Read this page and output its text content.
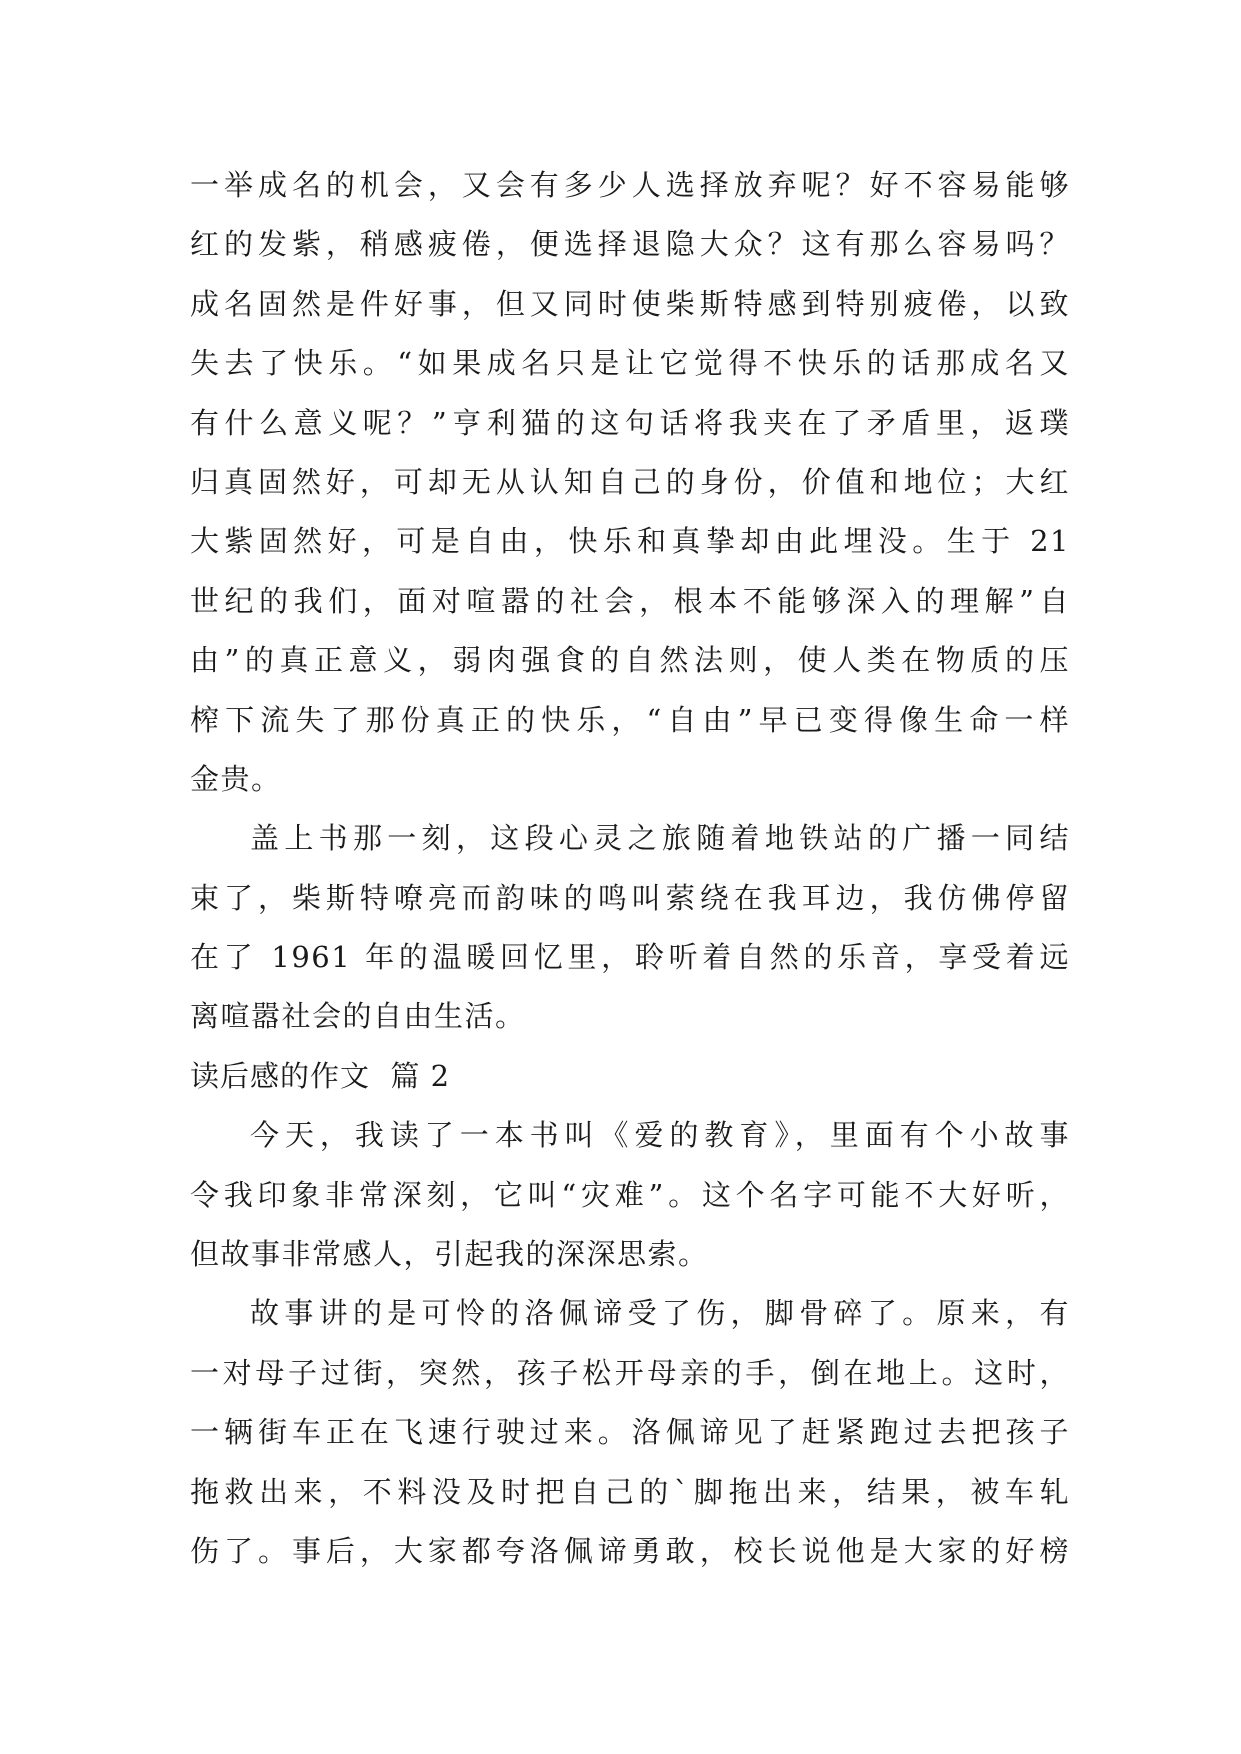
一举成名的机会，又会有多少人选择放弃呢？好不容易能够
红的发紫，稍感疲倦，便选择退隐大众？这有那么容易吗？
成名固然是件好事，但又同时使柴斯特感到特别疲倦，以致
失去了快乐。“如果成名只是让它觉得不快乐的话那成名又
有什么意义呢？”亨利猫的这句话将我夹在了矛盾里，返璞
归真固然好，可却无从认知自己的身份，价值和地位；大红
大紫固然好，可是自由，快乐和真挚却由此埋没。生于 21
世纪的我们，面对喧嚣的社会，根本不能够深入的理解”自
由”的真正意义，弱肉强食的自然法则，使人类在物质的压
榨下流失了那份真正的快乐，“自由”早已变得像生命一样
金贵。
盖上书那一刻，这段心灵之旅随着地铁站的广播一同结
束了，柴斯特嘹亮而韵味的鸣叫萦绕在我耳边，我仿佛停留
在了 1961 年的温暖回忆里，聆听着自然的乐音，享受着远
离喧嚣社会的自由生活。
读后感的作文  篇 2
今天，我读了一本书叫《爱的教育》，里面有个小故事
令我印象非常深刻，它叫“灾难”。这个名字可能不大好听，
但故事非常感人，引起我的深深思索。
故事讲的是可怜的洛佩谛受了伤，脚骨碎了。原来，有
一对母子过街，突然，孩子松开母亲的手，倒在地上。这时，
一辆街车正在飞速行驶过来。洛佩谛见了赶紧跑过去把孩子
拖救出来，不料没及时把自己的`脚拖出来，结果，被车轧
伤了。事后，大家都夸洛佩谛勇敢，校长说他是大家的好榜
